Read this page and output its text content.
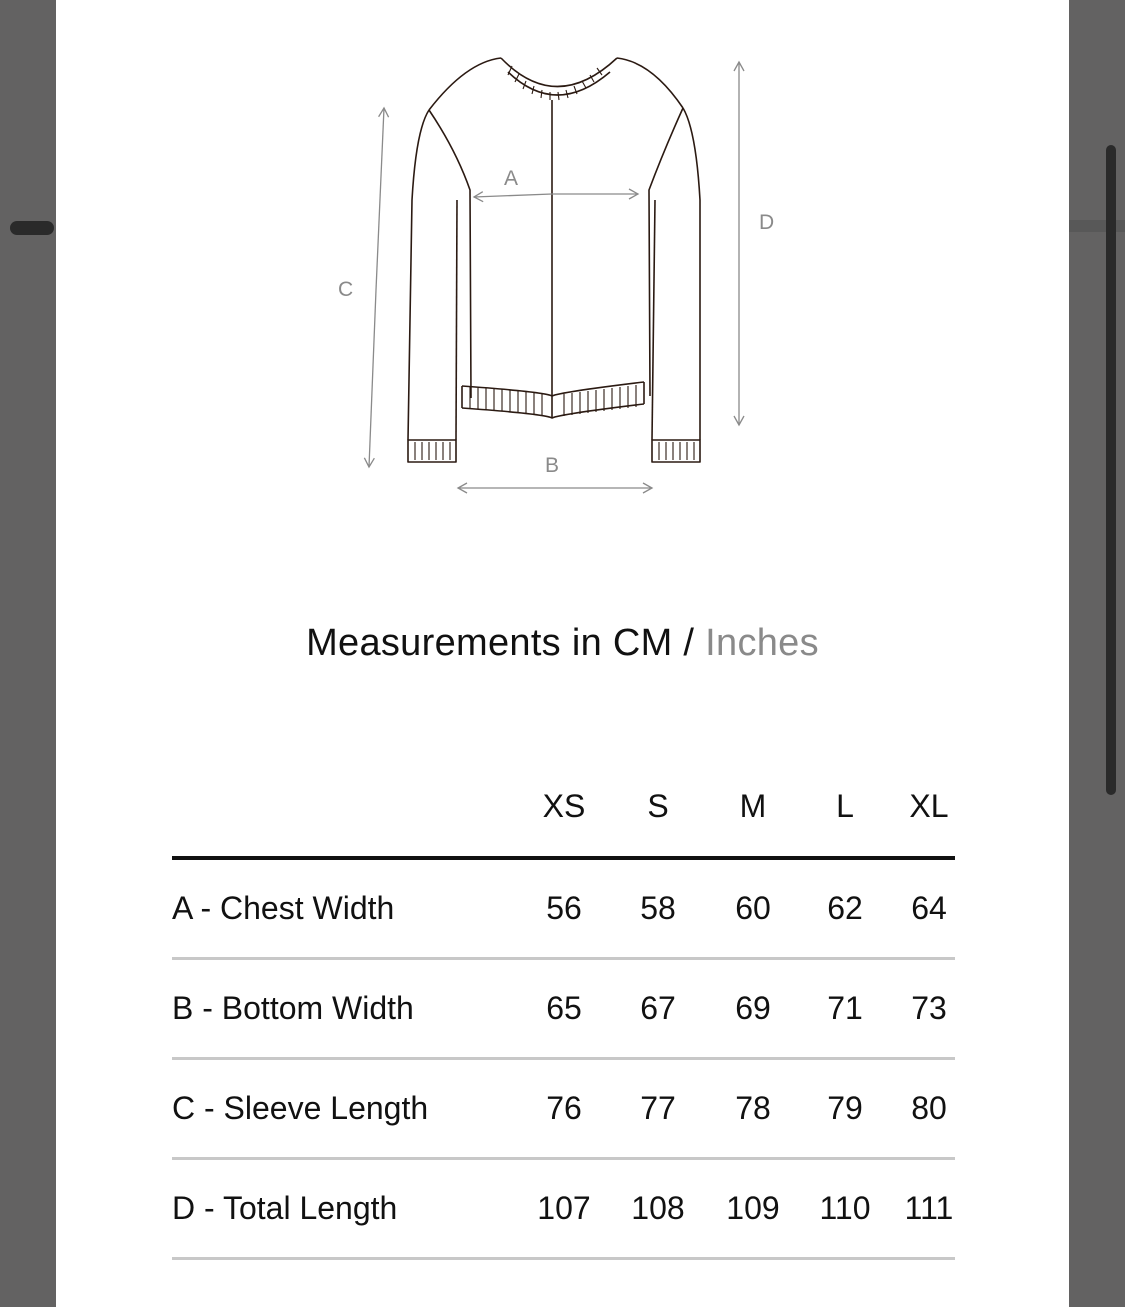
A
B
C
D
Measurements in CM / Inches
XS	S	M	L	XL
A - Chest Width	56	58	60	62	64
B - Bottom Width	65	67	69	71	73
C - Sleeve Length	76	77	78	79	80
D - Total Length	107	108	109	110	111
